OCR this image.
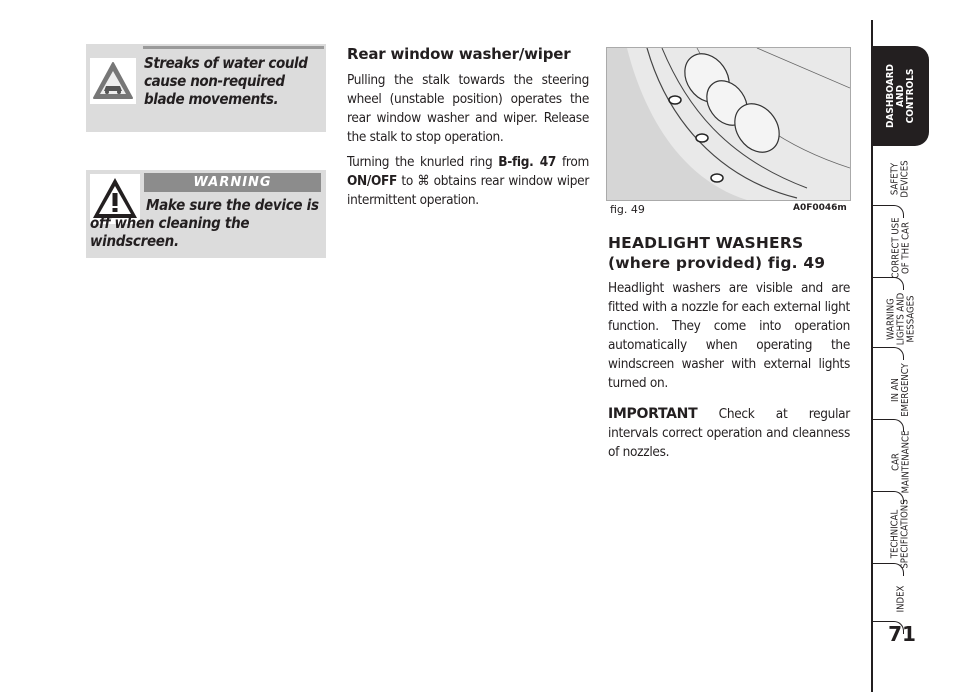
Streaks of water could cause non-required blade movements.
WARNING
Make sure the device is off when cleaning the windscreen.
Rear window washer/wiper

Pulling the stalk towards the steering wheel (unstable position) operates the rear window washer and wiper. Release the stalk to stop operation.

Turning the knurled ring B-fig. 47 from ON/OFF to ⌘ obtains rear window wiper intermittent operation.

fig. 49	A0F0046m
HEADLIGHT WASHERS (where provided) fig. 49

Headlight washers are visible and are fitted with a nozzle for each external light function. They come into operation automatically when operating the windscreen washer with external lights turned on.

IMPORTANT Check at regular intervals correct operation and cleanness of nozzles.

DASHBOARD
AND
CONTROLS
SAFETY
DEVICES
CORRECT USE
OF THE CAR
WARNING
LIGHTS AND
MESSAGES
IN AN
EMERGENCY
CAR
MAINTENANCE
TECHNICAL
SPECIFICATIONS
INDEX
71
